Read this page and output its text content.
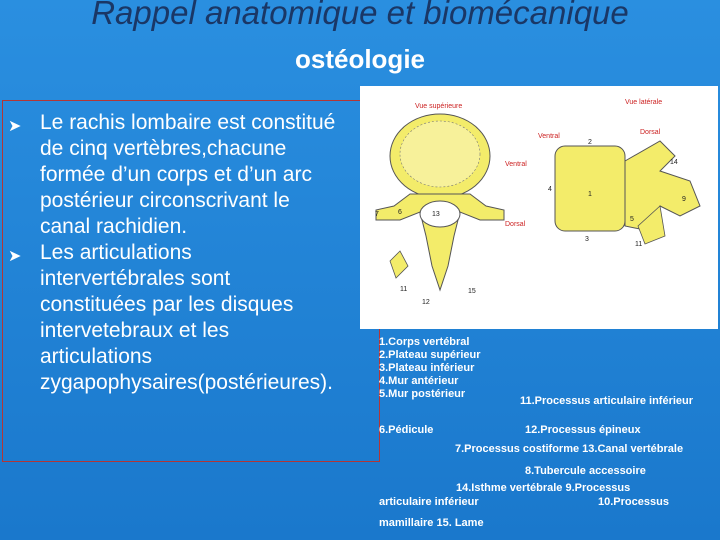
Rappel anatomique et biomécanique
ostéologie
➤ Le rachis lombaire est constitué
de cinq vertèbres,chacune
formée d’un corps et d’un arc
postérieur circonscrivant le
canal rachidien.
➤ Les articulations
intervertébrales sont
constituées par les disques
intervetebraux et les
articulations
zygapophysaires(postérieures).
Vue supérieure
Vue latérale
Ventral
Dorsal
Ventral
Dorsal
7	6	13
11	15
12
2
4
1
5
3
11
14
9
1.Corps vertébral
2.Plateau supérieur
3.Plateau inférieur
4.Mur antérieur
5.Mur postérieur
11.Processus articulaire inférieur
6.Pédicule	12.Processus épineux
7.Processus costiforme 13.Canal vertébrale
8.Tubercule accessoire
14.Isthme vertébrale 9.Processus
articulaire inférieur	10.Processus
mamillaire 15. Lame
